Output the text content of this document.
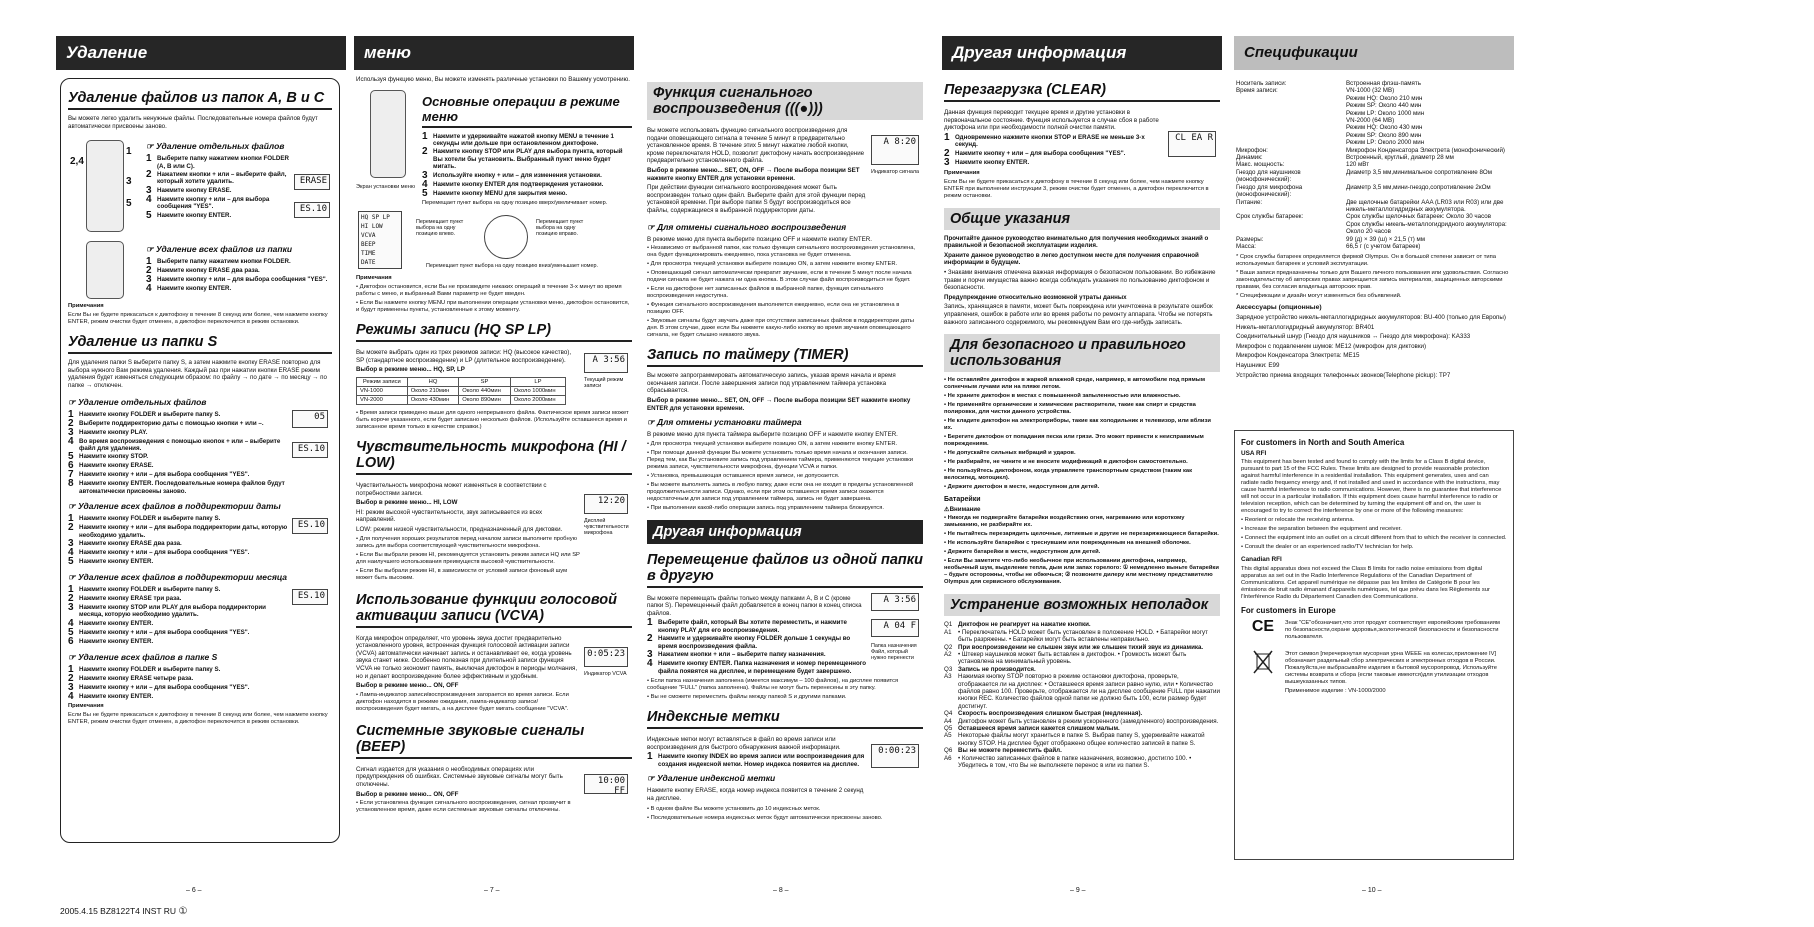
Удаление
Удаление файлов из папок A, B и C

Вы можете легко удалить ненужные файлы. Последовательные номера файлов будут автоматически присвоены заново.

2,4
1
3
5
☞ Удаление отдельных файлов
1 Выберите папку нажатием кнопки FOLDER (A, B или C).
2 Нажатием кнопки + или – выберите файл, который хотите удалить.
3 Нажмите кнопку ERASE.
4 Нажмите кнопку + или – для выбора сообщения "YES".
5 Нажмите кнопку ENTER.
ERASE
ES.10
☞ Удаление всех файлов из папки
1 Выберите папку нажатием кнопки FOLDER.
2 Нажмите кнопку ERASE два раза.
3 Нажмите кнопку + или – для выбора сообщения "YES".
4 Нажмите кнопку ENTER.

Примечания

Если Вы не будете прикасаться к диктофону в течение 8 секунд или более, чем нажмете кнопку ENTER, режим очистки будет отменен, а диктофон переключится в режим остановки.

Удаление из папки S

Для удаления папки S выберите папку S, а затем нажмите кнопку ERASE повторно для выбора нужного Вам режима удаления. Каждый раз при нажатии кнопки ERASE режим удаления будет изменяться следующим образом: по файлу → по дате → по месяцу → по папке → отключен.

☞ Удаление отдельных файлов
1 Нажмите кнопку FOLDER и выберите папку S.
2 Выберите поддиректорию даты с помощью кнопки + или –.
3 Нажмите кнопку PLAY.
4 Во время воспроизведения с помощью кнопок + или – выберите файл для удаления.
5 Нажмите кнопку STOP.
6 Нажмите кнопку ERASE.
7 Нажмите кнопку + или – для выбора сообщения "YES".
8 Нажмите кнопку ENTER. Последовательные номера файлов будут автоматически присвоены заново.
05
ES.10
☞ Удаление всех файлов в поддиректории даты
1 Нажмите кнопку FOLDER и выберите папку S.
2 Нажмите кнопку + или – для выбора поддиректории даты, которую необходимо удалить.
3 Нажмите кнопку ERASE два раза.
4 Нажмите кнопку + или – для выбора сообщения "YES".
5 Нажмите кнопку ENTER.
ES.10
☞ Удаление всех файлов в поддиректории месяца
1 Нажмите кнопку FOLDER и выберите папку S.
2 Нажмите кнопку ERASE три раза.
3 Нажмите кнопку STOP или PLAY для выбора поддиректории месяца, которую необходимо удалить.
4 Нажмите кнопку ENTER.
5 Нажмите кнопку + или – для выбора сообщения "YES".
6 Нажмите кнопку ENTER.
ES.10
☞ Удаление всех файлов в папке S
1 Нажмите кнопку FOLDER и выберите папку S.
2 Нажмите кнопку ERASE четыре раза.
3 Нажмите кнопку + или – для выбора сообщения "YES".
4 Нажмите кнопку ENTER.

Примечания

Если Вы не будете прикасаться к диктофону в течение 8 секунд или более, чем нажмете кнопку ENTER, режим очистки будет отменен, а диктофон переключится в режим остановки.

– 6 –
2005.4.15 BZ8122T4 INST RU ①
меню

Используя функцию меню, Вы можете изменять различные установки по Вашему усмотрению.

Экран установки меню
Основные операции в режиме меню
1 Нажмите и удерживайте нажатой кнопку MENU в течение 1 секунды или дольше при остановленном диктофоне.
2 Нажмите кнопку STOP или PLAY для выбора пункта, который Вы хотели бы установить. Выбранный пункт меню будет мигать.
3 Используйте кнопку + или – для изменения установки.
4 Нажмите кнопку ENTER для подтверждения установки.
5 Нажмите кнопку MENU для закрытия меню.

Перемещает пункт выбора на одну позицию вверх/увеличивает номер.

HQ SP LP
HI LOW
VCVA
BEEP
TIME
DATE
Перемещает пункт выбора на одну позицию влево.
Перемещает пункт выбора на одну позицию вправо.
Перемещает пункт выбора на одну позицию вниз/уменьшает номер.

Примечания

• Диктофон остановится, если Вы не произведете никаких операций в течение 3-х минут во время работы с меню, и выбранный Вами параметр не будет введен.

• Если Вы нажмете кнопку MENU при выполнении операции установки меню, диктофон остановится, и будут применены пункты, установленные к этому моменту.

Режимы записи (HQ SP LP)

Вы можете выбрать один из трех режимов записи: HQ (высокое качество), SP (стандартное воспроизведение) и LP (длительное воспроизведение).

Выбор в режиме меню... HQ, SP, LP

Режим записи	HQ	SP	LP
VN-1000	Около 210мин	Около 440мин	Около 1000мин
VN-2000	Около 430мин	Около 890мин	Около 2000мин
A 3:56
Текущий режим записи

• Время записи приведено выше для одного непрерывного файла. Фактическое время записи может быть короче указанного, если будет записано несколько файлов. (Используйте оставшееся время и записанное время только в качестве справки.)

Чувствительность микрофона (HI / LOW)

Чувствительность микрофона может изменяться в соответствии с потребностями записи.

Выбор в режиме меню... HI, LOW

HI: режим высокой чувствительности, звук записывается из всех направлений.

LOW: режим низкой чувствительности, предназначенный для диктовки.

• Для получения хороших результатов перед началом записи выполните пробную запись для выбора соответствующей чувствительности микрофона.

• Если Вы выбрали режим HI, рекомендуется установить режим записи HQ или SP для наилучшего использования преимуществ высокой чувствительности.

• Если Вы выбрали режим HI, в зависимости от условий записи фоновый шум может быть высоким.

12:20
Дисплей чувствительности микрофона
Использование функции голосовой активации записи (VCVA)

Когда микрофон определяет, что уровень звука достиг предварительно установленного уровня, встроенная функция голосовой активации записи (VCVA) автоматически начинает запись и останавливает ее, когда уровень звука станет ниже. Особенно полезная при длительной записи функция VCVA не только экономит память, выключая диктофон в периоды молчания, но и делает воспроизведение более эффективным и удобным.

Выбор в режиме меню... ON, OFF

• Лампа-индикатор записи/воспроизведения загорается во время записи. Если диктофон находится в режиме ожидания, лампа-индикатор записи/воспроизведения будет мигать, а на дисплее будет мигать сообщение "VCVA".

0:05:23
Индикатор VCVA
Системные звуковые сигналы (BEEP)

Сигнал издается для указания о необходимых операциях или предупреждения об ошибках. Системные звуковые сигналы могут быть отключены.

Выбор в режиме меню... ON, OFF

• Если установлена функция сигнального воспроизведения, сигнал прозвучит в установленное время, даже если системные звуковые сигналы отключены.

10:00 FF
– 7 –
Функция сигнального воспроизведения (((●)))

Вы можете использовать функцию сигнального воспроизведения для подачи оповещающего сигнала в течение 5 минут в предварительно установленное время. В течение этих 5 минут нажатие любой кнопки, кроме переключателя HOLD, позволит диктофону начать воспроизведение предварительно установленного файла.

Выбор в режиме меню... SET, ON, OFF → После выбора позиции SET нажмите кнопку ENTER для установки времени.

При действии функции сигнального воспроизведения может быть воспроизведен только один файл. Выберите файл для этой функции перед установкой времени. При выборе папки S будут воспроизводиться все файлы, содержащиеся в выбранной поддиректории даты.

A 8:20
Индикатор сигнала
☞ Для отмены сигнального воспроизведения

В режиме меню для пункта выберите позицию OFF и нажмите кнопку ENTER.

• Независимо от выбранной папки, как только функция сигнального воспроизведения установлена, она будет функционировать ежедневно, пока установка не будет отменена.

• Для просмотра текущей установки выберите позицию ON, а затем нажмите кнопку ENTER.

• Оповещающий сигнал автоматически прекратит звучание, если в течение 5 минут после начала подачи сигнала не будет нажата ни одна кнопка. В этом случае файл воспроизводиться не будет.

• Если на диктофоне нет записанных файлов в выбранной папке, функция сигнального воспроизведения недоступна.

• Функция сигнального воспроизведения выполняется ежедневно, если она не установлена в позицию OFF.

• Звуковые сигналы будут звучать даже при отсутствии записанных файлов в поддиректории даты дня. В этом случае, даже если Вы нажмете какую-либо кнопку во время звучания оповещающего сигнала, не будет слышно никакого звука.

Запись по таймеру (TIMER)

Вы можете запрограммировать автоматическую запись, указав время начала и время окончания записи. После завершения записи под управлением таймера установка сбрасывается.

Выбор в режиме меню... SET, ON, OFF → После выбора позиции SET нажмите кнопку ENTER для установки времени.

☞ Для отмены установки таймера

В режиме меню для пункта таймера выберите позицию OFF и нажмите кнопку ENTER.

• Для просмотра текущей установки выберите позицию ON, а затем нажмите кнопку ENTER.

• При помощи данной функции Вы можете установить только время начала и окончания записи. Перед тем, как Вы установите запись под управлением таймера, применяются текущие установки режима записи, чувствительности микрофона, функции VCVA и папки.

• Установка, превышающая оставшееся время записи, не допускается.

• Вы можете выполнять запись в любую папку, даже если она не входит в пределы установленной продолжительности записи. Однако, если при этом оставшееся время записи окажется недостаточным для записи под управлением таймера, запись не будет завершена.

• При выполнении какой-либо операции запись под управлением таймера блокируется.

Другая информация
Перемещение файлов из одной папки в другую

Вы можете перемещать файлы только между папками A, B и C (кроме папки S). Перемещенный файл добавляется в конец папки в конец списка файлов.

1 Выберите файл, который Вы хотите переместить, и нажмите кнопку PLAY для его воспроизведения.
2 Нажмите и удерживайте кнопку FOLDER дольше 1 секунды во время воспроизведения файла.
3 Нажатием кнопки + или – выберите папку назначения.
4 Нажмите кнопку ENTER. Папка назначения и номер перемещенного файла появятся на дисплее, и перемещение будет завершено.
A 3:56
A 04 F
Папка назначения Файл, который нужно перенести

• Если папка назначения заполнена (имеется максимум – 100 файлов), на дисплее появится сообщение "FULL" (папка заполнена). Файлы не могут быть перенесены в эту папку.

• Вы не сможете переместить файлы между папкой S и другими папками.

Индексные метки

Индексные метки могут вставляться в файл во время записи или воспроизведения для быстрого обнаружения важной информации.

1 Нажмите кнопку INDEX во время записи или воспроизведения для создания индексной метки. Номер индекса появится на дисплее.
☞ Удаление индексной метки

Нажмите кнопку ERASE, когда номер индекса появится в течение 2 секунд на дисплее.

0:00:23

• В одном файле Вы можете установить до 10 индексных меток.

• Последовательные номера индексных меток будут автоматически присвоены заново.

– 8 –
Другая информация
Перезагрузка (CLEAR)

Данная функция переводит текущее время и другие установки в первоначальное состояние. Функция используется в случае сбоя в работе диктофона или при необходимости полной очистки памяти.

1 Одновременно нажмите кнопки STOP и ERASE не меньше 3-х секунд.
2 Нажмите кнопку + или – для выбора сообщения "YES".
3 Нажмите кнопку ENTER.
CL EA R

Примечания

Если Вы не будете прикасаться к диктофону в течение 8 секунд или более, чем нажмете кнопку ENTER при выполнении инструкции 3, режим очистки будет отменен, а диктофон переключится в режим остановки.

Общие указания

Прочитайте данное руководство внимательно для получения необходимых знаний о правильной и безопасной эксплуатации изделия.

Храните данное руководство в легко доступном месте для получения справочной информации в будущем.

• Знаками внимания отмечена важная информация о безопасном пользовании. Во избежание травм и порчи имущества важно всегда соблюдать указания по пользованию диктофоном и безопасности.

Предупреждение относительно возможной утраты данных

Запись, хранящаяся в памяти, может быть повреждена или уничтожена в результате ошибок управления, ошибок в работе или во время работы по ремонту аппарата. Чтобы не потерять важного записанного содержимого, мы рекомендуем Вам его где-нибудь записать.

Для безопасного и правильного использования

• Не оставляйте диктофон в жаркой влажной среде, например, в автомобиле под прямым солнечным лучами или на пляже летом.

• Не храните диктофон в местах с повышенной запыленностью или влажностью.

• Не применяйте органические и химические растворители, такие как спирт и средства полировки, для чистки данного устройства.

• Не кладите диктофон на электроприборы, такие как холодильник и телевизор, или вблизи их.

• Берегите диктофон от попадания песка или грязи. Это может привести к неисправимым повреждениям.

• Не допускайте сильных вибраций и ударов.

• Не разбирайте, не чините и не вносите модификаций в диктофон самостоятельно.

• Не пользуйтесь диктофоном, когда управляете транспортным средством (таким как велосипед, мотоцикл).

• Держите диктофон в месте, недоступном для детей.

Батарейки

⚠Внимание

• Никогда не подвергайте батарейки воздействию огня, нагреванию или короткому замыканию, не разбирайте их.

• Не пытайтесь перезарядить щелочные, литиевые и другие не перезаряжающиеся батарейки.

• Не используйте батарейки с треснувшим или поврежденным на внешней оболочке.

• Держите батарейки в месте, недоступном для детей.

• Если Вы заметите что-либо необычное при использовании диктофона, например, необычный шум, выделение тепла, дым или запах горелого: ① немедленно выньте батарейки – будьте осторожны, чтобы не обжечься; ② позвоните дилеру или местному представителю Olympus для сервисного обслуживания.

Устранение возможных неполадок
Q1 Диктофон не реагирует на нажатие кнопки.
A1	• Переключатель HOLD может быть установлен в положение HOLD. • Батарейки могут быть разряжены. • Батарейки могут быть вставлены неправильно.
Q2 При воспроизведении не слышен звук или же слышен тихий звук из динамика.
A2	• Штекер наушников может быть вставлен в диктофон. • Громкость может быть установлена на минимальный уровень.
Q3 Запись не производится.
A3	Нажимая кнопку STOP повторно в режиме остановки диктофона, проверьте, отображается ли на дисплее: • Оставшееся время записи равно нулю, или • Количество файлов равно 100. Проверьте, отображается ли на дисплее сообщение FULL при нажатии кнопки REC. Количество файлов одной папки не должно быть 100, если размер будет достигнут.
Q4 Скорость воспроизведения слишком быстрая (медленная).
A4	Диктофон может быть установлен в режим ускоренного (замедленного) воспроизведения.
Q5 Оставшееся время записи кажется слишком малым.
A5	Некоторые файлы могут храниться в папке S. Выбрав папку S, удерживайте нажатой кнопку STOP. На дисплее будет отображено общее количество записей в папке S.
Q6 Вы не можете переместить файл.
A6	• Количество записанных файлов в папке назначения, возможно, достигло 100. • Убедитесь в том, что Вы не выполняете перенос в или из папки S.
– 9 –
Спецификации
Носитель записи:	Встроенная флэш-память
Время записи:	VN-1000 (32 MB)
Режим HQ: Около 210 мин
Режим SP: Около 440 мин
Режим LP: Около 1000 мин
VN-2000 (64 MB)
Режим HQ: Около 430 мин
Режим SP: Около 890 мин
Режим LP: Около 2000 мин
Микрофон:	Микрофон Конденсатора Электрета (монофонический)
Динамик:	Встроенный, круглый, диаметр 28 мм
Макс. мощность:	120 мВт
Гнездо для наушников (монофонический):
Диаметр 3,5 мм,минимальное сопротивление 8Ом
Гнездо для микрофона (монофонический):
Диаметр 3,5 мм,мини-гнездо,сопротивление 2кОм
Питание:	Две щелочные батарейки AAA (LR03 или R03) или две никель-металлогидридных аккумулятора.
Срок службы батареек:	Срок службы щелочных батареек: Около 30 часов
Срок службы никель-металлогидридного аккумулятора: Около 20 часов
Размеры:	99 (д) × 39 (ш) × 21,5 (т) мм
Масса:	66,5 г (с учетом батареек)

* Срок службы батареек определяется фирмой Olympus. Он в большой степени зависит от типа используемых батареек и условий эксплуатации.

* Ваши записи предназначены только для Вашего личного пользования или удовольствия. Согласно законодательству об авторских правах запрещается запись материалов, защищенных авторскими правами, без согласия владельца авторских прав.

* Спецификации и дизайн могут изменяться без объявлений.

Аксессуары (опционные)

Зарядное устройство никель-металлогидридных аккумуляторов: BU-400 (только для Европы)

Никель-металлогидридный аккумулятор: BR401

Соединительный шнур (Гнездо для наушников ↔ Гнездо для микрофона): KA333

Микрофон с подавлением шумов: ME12 (микрофон для диктовки)

Микрофон Конденсатора Электрета: ME15

Наушники: E99

Устройство приема входящих телефонных звонков(Telephone pickup): TP7

For customers in North and South America

USA RFI

This equipment has been tested and found to comply with the limits for a Class B digital device, pursuant to part 15 of the FCC Rules. These limits are designed to provide reasonable protection against harmful interference in a residential installation. This equipment generates, uses and can radiate radio frequency energy and, if not installed and used in accordance with the instructions, may cause harmful interference to radio communications. However, there is no guarantee that interference will not occur in a particular installation. If this equipment does cause harmful interference to radio or television reception, which can be determined by turning the equipment off and on, the user is encouraged to try to correct the interference by one or more of the following measures:

• Reorient or relocate the receiving antenna.

• Increase the separation between the equipment and receiver.

• Connect the equipment into an outlet on a circuit different from that to which the receiver is connected.

• Consult the dealer or an experienced radio/TV technician for help.

Canadian RFI

This digital apparatus does not exceed the Class B limits for radio noise emissions from digital apparatus as set out in the Radio Interference Regulations of the Canadian Department of Communications. Cet appareil numérique ne dépasse pas les limites de Catégorie B pour les émissions de bruit radio émanant d'appareils numériques, tel que prévu dans les Règlements sur l'Interférence Radio du Département Canadien des Communications.

For customers in Europe

CE	Знак "CE"обозначает,что этот продукт соответствует европейским требованиям по безопасности,охране здоровья,экологической безопасности и безопасности пользователя.

Этот символ [перечеркнутая мусорная урна WEEE на колесах,приложение IV] обозначает раздельный сбор электрических и электронных отходов в России. Пожалуйста,не выбрасывайте изделия в бытовой мусоропровод. Используйте системы возврата и сбора (если таковые имеются)для утилизации отходов вышеуказанных типов.

Применимое изделие : VN-1000/2000

– 10 –
